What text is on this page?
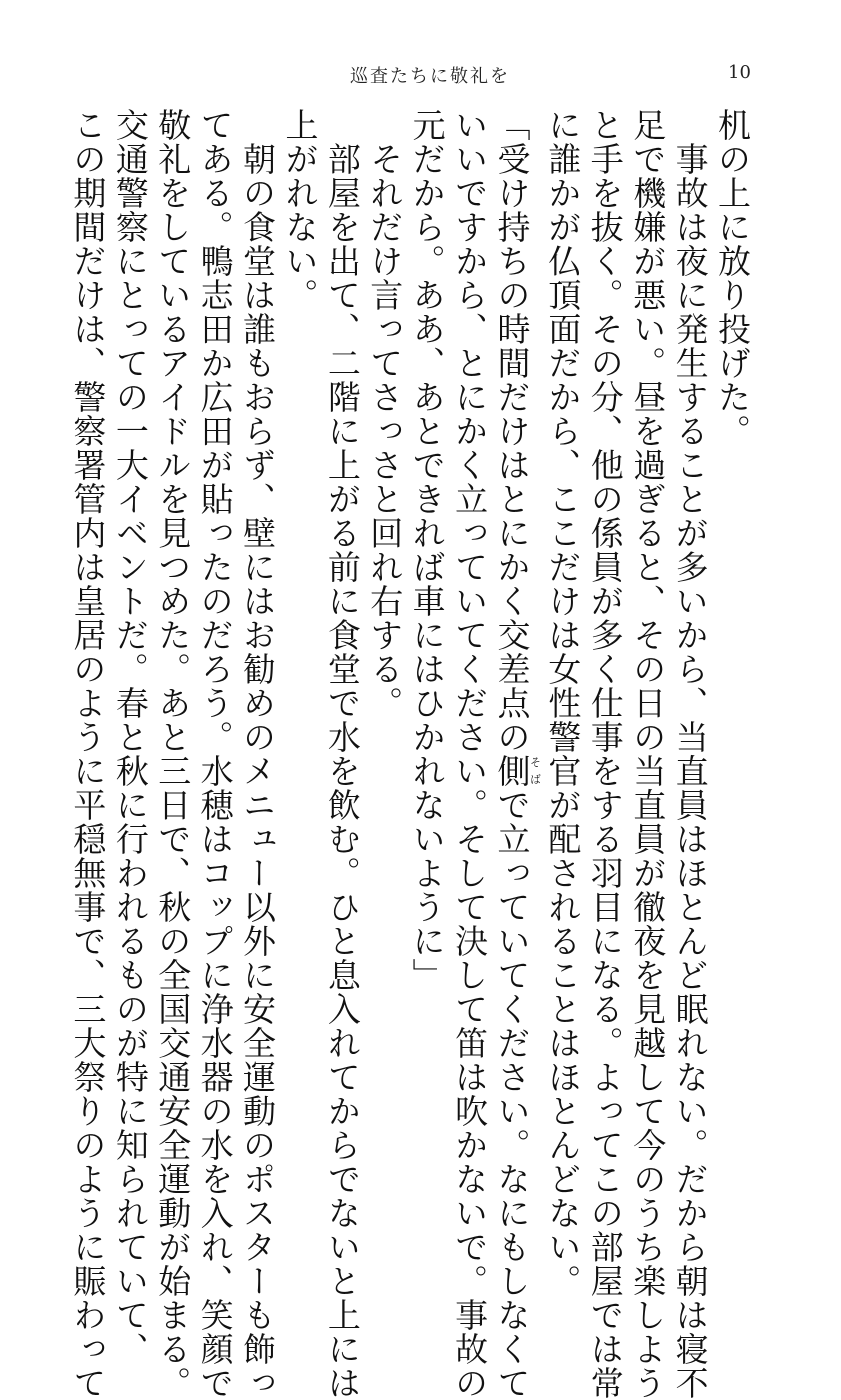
巡査たちに敬礼を	10
机の上に放り投げた。
　事故は夜に発生することが多いから、当直員はほとんど眠れない。だから朝は寝不
足で機嫌が悪い。昼を過ぎると、その日の当直員が徹夜を見越して今のうち楽しよう
と手を抜く。その分、他の係員が多く仕事をする羽目になる。よってこの部屋では常
に誰かが仏頂面だから、ここだけは女性警官が配されることはほとんどない。
「受け持ちの時間だけはとにかく交差点の側そばで立っていてください。なにもしなくて
いいですから、とにかく立っていてください。そして決して笛は吹かないで。事故の
元だから。ああ、あとできれば車にはひかれないように」
　それだけ言ってさっさと回れ右する。
　部屋を出て、二階に上がる前に食堂で水を飲む。ひと息入れてからでないと上には
上がれない。
　朝の食堂は誰もおらず、壁にはお勧めのメニュー以外に安全運動のポスターも飾っ
てある。鴨志田か広田が貼ったのだろう。水穂はコップに浄水器の水を入れ、笑顔で
敬礼をしているアイドルを見つめた。あと三日で、秋の全国交通安全運動が始まる。
交通警察にとっての一大イベントだ。春と秋に行われるものが特に知られていて、
この期間だけは、警察署管内は皇居のように平穏無事で、三大祭りのように賑わって
